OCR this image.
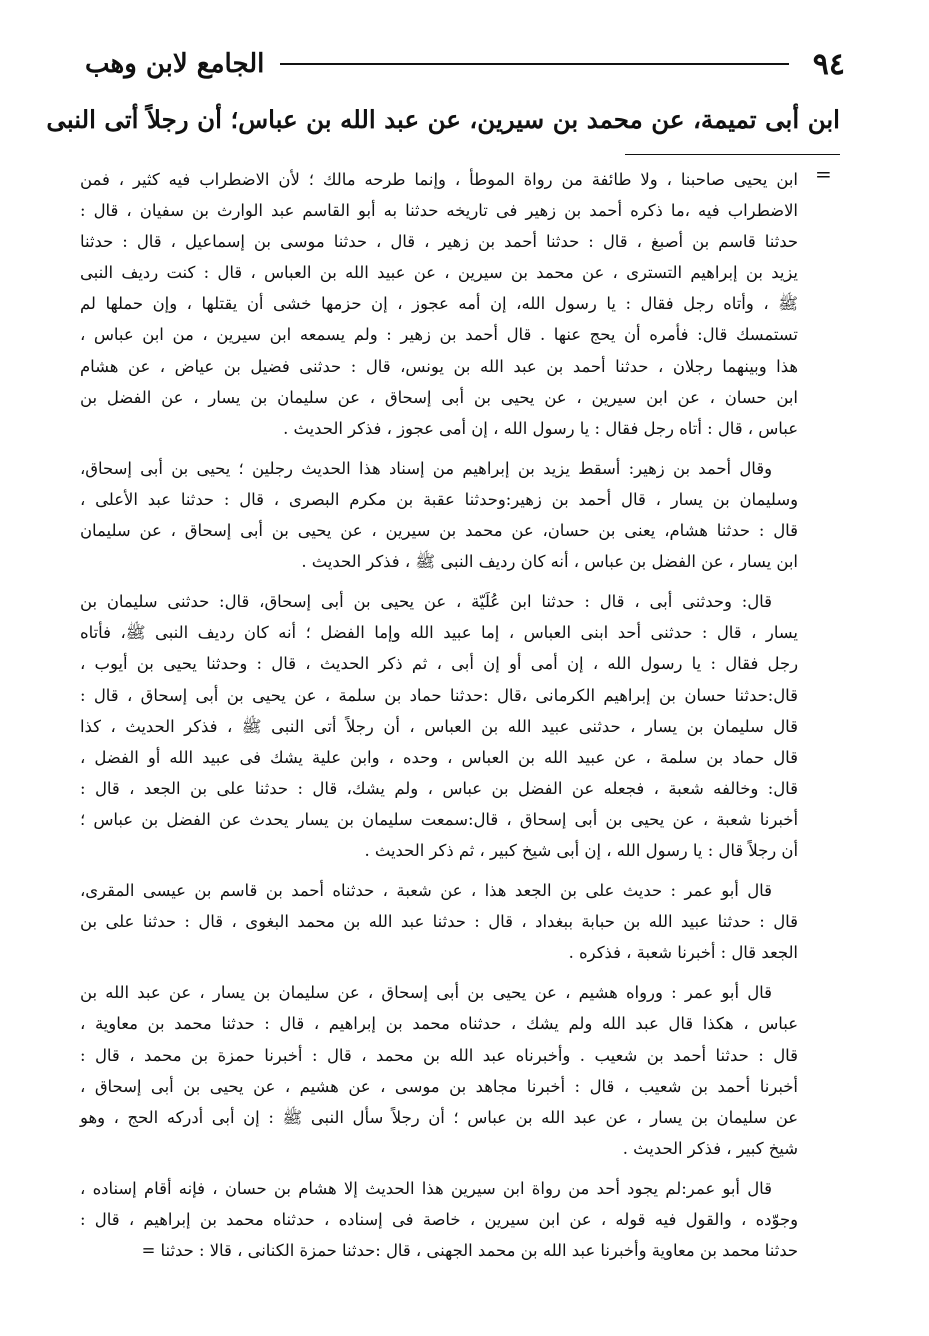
٩٤
الجامع لابن وهب
ابن أبى تميمة، عن محمد بن سيرين، عن عبد الله بن عباس؛ أن رجلاً أتى النبى
=
ابن يحيى صاحبنا ، ولا طائفة من رواة الموطأ ، وإنما طرحه مالك ؛ لأن الاضطراب فيه كثير ، فمن
الاضطراب فيه ،ما ذكره أحمد بن زهير فى تاريخه حدثنا به أبو القاسم عبد الوارث بن سفيان ، قال :
حدثنا قاسم بن أصبغ ، قال : حدثنا أحمد بن زهير ، قال ، حدثنا موسى بن إسماعيل ، قال : حدثنا
يزيد بن إبراهيم التسترى ، عن محمد بن سيرين ، عن عبيد الله بن العباس ، قال : كنت رديف النبى
ﷺ ، وأتاه رجل فقال : يا رسول الله، إن أمه عجوز ، إن حزمها خشى أن يقتلها ، وإن حملها لم
تستمسك قال: فأمره أن يحج عنها . قال أحمد بن زهير : ولم يسمعه ابن سيرين ، من ابن عباس ،
هذا وبينهما رجلان ، حدثنا أحمد بن عبد الله بن يونس، قال : حدثنى فضيل بن عياض ، عن هشام
ابن حسان ، عن ابن سيرين ، عن يحيى بن أبى إسحاق ، عن سليمان بن يسار ، عن الفضل بن
عباس ، قال : أتاه رجل فقال : يا رسول الله ، إن أمى عجوز ، فذكر الحديث .
وقال أحمد بن زهير: أسقط يزيد بن إبراهيم من إسناد هذا الحديث رجلين ؛ يحيى بن أبى إسحاق،
وسليمان بن يسار ، قال أحمد بن زهير:وحدثنا عقبة بن مكرم البصرى ، قال : حدثنا عبد الأعلى ،
قال : حدثنا هشام، يعنى بن حسان، عن محمد بن سيرين ، عن يحيى بن أبى إسحاق ، عن سليمان
ابن يسار ، عن الفضل بن عباس ، أنه كان رديف النبى ﷺ ، فذكر الحديث .
قال: وحدثنى أبى ، قال : حدثنا ابن عُلَيّة ، عن يحيى بن أبى إسحاق، قال: حدثنى سليمان بن
يسار ، قال : حدثنى أحد ابنى العباس ، إما عبيد الله وإما الفضل ؛ أنه كان رديف النبى ﷺ، فأتاه
رجل فقال : يا رسول الله ، إن أمى أو إن أبى ، ثم ذكر الحديث ، قال : وحدثنا يحيى بن أيوب ،
قال:حدثنا حسان بن إبراهيم الكرمانى ،قال :حدثنا حماد بن سلمة ، عن يحيى بن أبى إسحاق ، قال :
قال سليمان بن يسار ، حدثنى عبيد الله بن العباس ، أن رجلاً أتى النبى ﷺ ، فذكر الحديث ، كذا
قال حماد بن سلمة ، عن عبيد الله بن العباس ، وحده ، وابن علية يشك فى عبيد الله أو الفضل ،
قال: وخالفه شعبة ، فجعله عن الفضل بن عباس ، ولم يشك، قال : حدثنا على بن الجعد ، قال :
أخبرنا شعبة ، عن يحيى بن أبى إسحاق ، قال:سمعت سليمان بن يسار يحدث عن الفضل بن عباس ؛
أن رجلاً قال : يا رسول الله ، إن أبى شيخ كبير ، ثم ذكر الحديث .
قال أبو عمر : حديث على بن الجعد هذا ، عن شعبة ، حدثناه أحمد بن قاسم بن عيسى المقرى،
قال : حدثنا عبيد الله بن حبابة ببغداد ، قال : حدثنا عبد الله بن محمد البغوى ، قال : حدثنا على بن
الجعد قال : أخبرنا شعبة ، فذكره .
قال أبو عمر : ورواه هشيم ، عن يحيى بن أبى إسحاق ، عن سليمان بن يسار ، عن عبد الله بن
عباس ، هكذا قال عبد الله ولم يشك ، حدثناه محمد بن إبراهيم ، قال : حدثنا محمد بن معاوية ،
قال : حدثنا أحمد بن شعيب . وأخبرناه عبد الله بن محمد ، قال : أخبرنا حمزة بن محمد ، قال :
أخبرنا أحمد بن شعيب ، قال : أخبرنا مجاهد بن موسى ، عن هشيم ، عن يحيى بن أبى إسحاق ،
عن سليمان بن يسار ، عن عبد الله بن عباس ؛ أن رجلاً سأل النبى ﷺ : إن أبى أدركه الحج ، وهو
شيخ كبير ، فذكر الحديث .
قال أبو عمر:لم يجود أحد من رواة ابن سيرين هذا الحديث إلا هشام بن حسان ، فإنه أقام إسناده ،
وجوّده ، والقول فيه قوله ، عن ابن سيرين ، خاصة فى إسناده ، حدثناه محمد بن إبراهيم ، قال :
حدثنا محمد بن معاوية وأخبرنا عبد الله بن محمد الجهنى ، قال :حدثنا حمزة الكنانى ، قالا : حدثنا =
